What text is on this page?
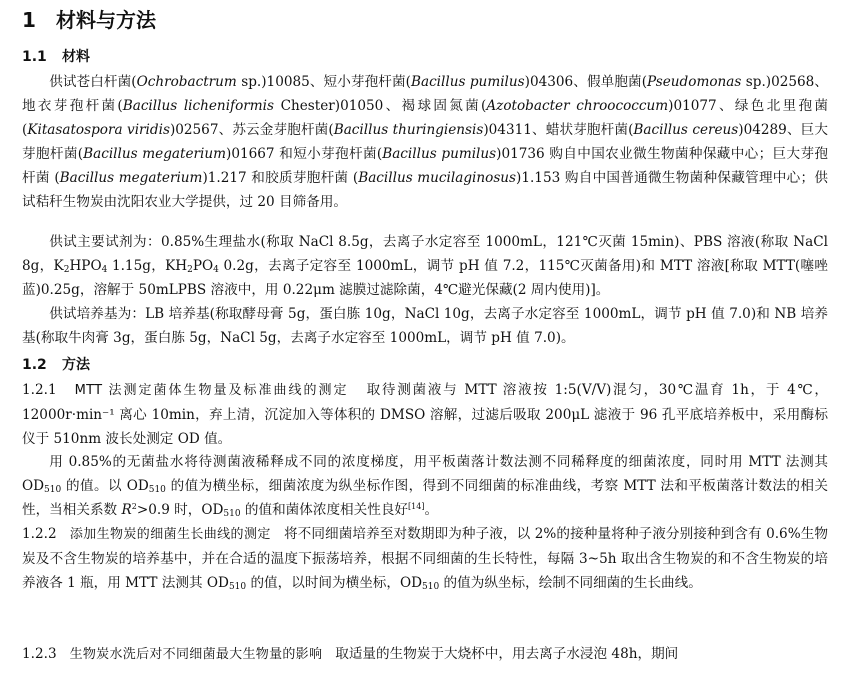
1 材料与方法
1.1 材料

供试苍白杆菌(Ochrobactrum sp.)10085、短小芽孢杆菌(Bacillus pumilus)04306、假单胞菌(Pseudomonas sp.)02568、地衣芽孢杆菌(Bacillus licheniformis Chester)01050、褐球固氮菌(Azotobacter chroococcum)01077、绿色北里孢菌(Kitasatospora viridis)02567、苏云金芽胞杆菌(Bacillus thuringiensis)04311、蜡状芽胞杆菌(Bacillus cereus)04289、巨大芽胞杆菌(Bacillus megaterium)01667 和短小芽孢杆菌(Bacillus pumilus)01736 购自中国农业微生物菌种保藏中心；巨大芽孢杆菌 (Bacillus megaterium)1.217 和胶质芽胞杆菌 (Bacillus mucilaginosus)1.153 购自中国普通微生物菌种保藏管理中心；供试秸秆生物炭由沈阳农业大学提供，过 20 目筛备用。

供试主要试剂为：0.85%生理盐水(称取 NaCl 8.5g，去离子水定容至 1000mL，121℃灭菌 15min)、PBS 溶液(称取 NaCl 8g，$K_2HPO_4$ 1.15g，$KH_2PO_4$ 0.2g，去离子定容至 1000mL，调节 pH 值 7.2，115℃灭菌备用)和 MTT 溶液[称取 MTT(噻唑蓝)0.25g，溶解于 50mLPBS 溶液中，用 0.22μm 滤膜过滤除菌，4℃避光保藏(2 周内使用)]。

供试培养基为：LB 培养基(称取酵母膏 5g，蛋白胨 10g，NaCl 10g，去离子水定容至 1000mL，调节 pH 值 7.0)和 NB 培养基(称取牛肉膏 3g，蛋白胨 5g，NaCl 5g，去离子水定容至 1000mL，调节 pH 值 7.0)。

1.2 方法

1.2.1 MTT 法测定菌体生物量及标准曲线的测定 取待测菌液与 MTT 溶液按 1:5(V/V)混匀，30℃温育 1h，于 4℃，12000r·min⁻¹ 离心 10min，弃上清，沉淀加入等体积的 DMSO 溶解，过滤后吸取 200μL 滤液于 96 孔平底培养板中，采用酶标仪于 510nm 波长处测定 OD 值。

用 0.85%的无菌盐水将待测菌液稀释成不同的浓度梯度，用平板菌落计数法测不同稀释度的细菌浓度，同时用 MTT 法测其 $OD_{510}$ 的值。以 $OD_{510}$ 的值为横坐标，细菌浓度为纵坐标作图，得到不同细菌的标准曲线，考察 MTT 法和平板菌落计数法的相关性，当相关系数 $R^2>0.9$ 时，$OD_{510}$ 的值和菌体浓度相关性良好[14]。

1.2.2 添加生物炭的细菌生长曲线的测定 将不同细菌培养至对数期即为种子液，以 2%的接种量将种子液分别接种到含有 0.6%生物炭及不含生物炭的培养基中，并在合适的温度下振荡培养，根据不同细菌的生长特性，每隔 3~5h 取出含生物炭的和不含生物炭的培养液各 1 瓶，用 MTT 法测其 $OD_{510}$ 的值，以时间为横坐标，$OD_{510}$ 的值为纵坐标，绘制不同细菌的生长曲线。

1.2.3 生物炭水洗后对不同细菌最大生物量的影响 取适量的生物炭于大烧杯中，用去离子水浸泡 48h，期间
